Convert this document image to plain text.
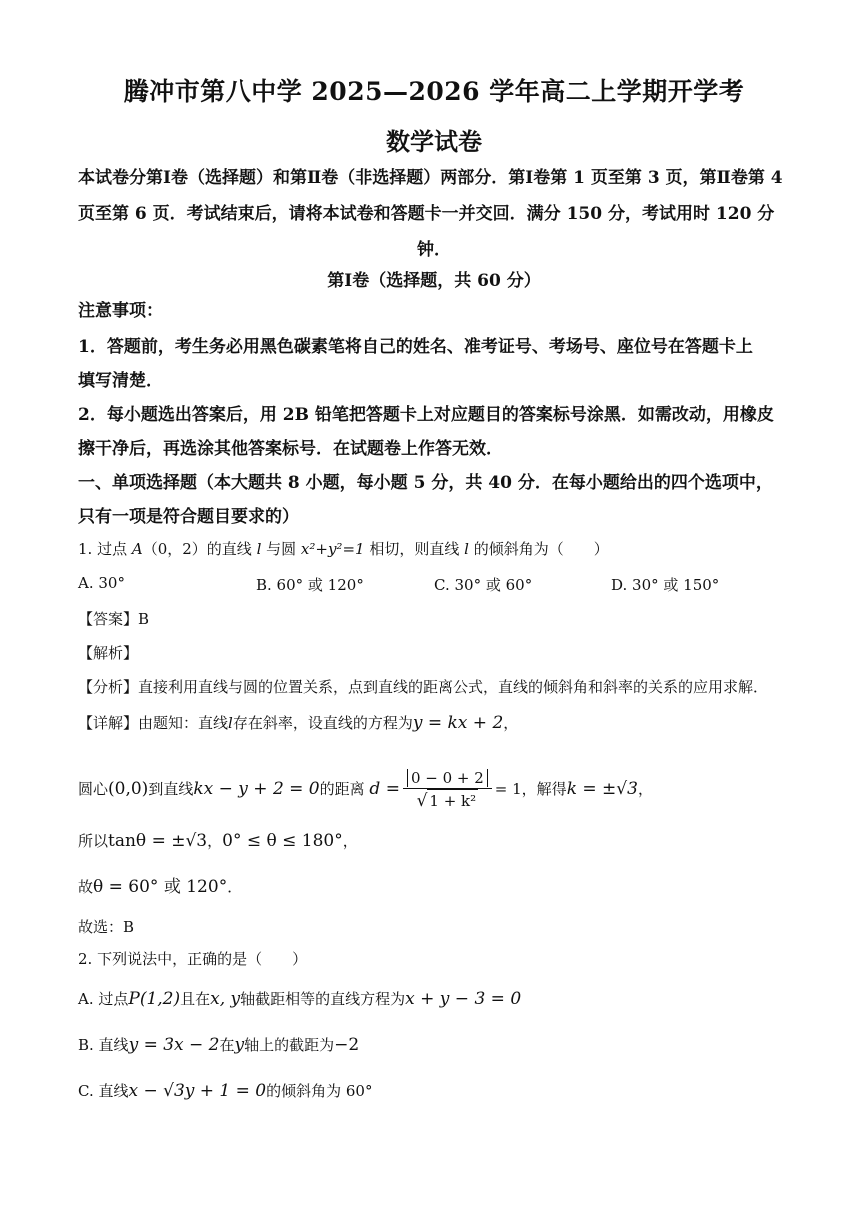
腾冲市第八中学 2025—2026 学年高二上学期开学考
数学试卷
本试卷分第Ⅰ卷（选择题）和第Ⅱ卷（非选择题）两部分．第Ⅰ卷第 1 页至第 3 页，第Ⅱ卷第 4
页至第 6 页．考试结束后，请将本试卷和答题卡一并交回．满分 150 分，考试用时 120 分
钟．
第Ⅰ卷（选择题，共 60 分）
注意事项：
1．答题前，考生务必用黑色碳素笔将自己的姓名、准考证号、考场号、座位号在答题卡上
填写清楚．
2．每小题选出答案后，用 2B 铅笔把答题卡上对应题目的答案标号涂黑．如需改动，用橡皮
擦干净后，再选涂其他答案标号．在试题卷上作答无效．
一、单项选择题（本大题共 8 小题，每小题 5 分，共 40 分．在每小题给出的四个选项中，
只有一项是符合题目要求的）
1. 过点 A（0，2）的直线 l 与圆 x²+y²=1 相切，则直线 l 的倾斜角为（　　）
A. 30°	B. 60° 或 120°	C. 30° 或 60°	D. 30° 或 150°
【答案】B
【解析】
【分析】直接利用直线与圆的位置关系，点到直线的距离公式，直线的倾斜角和斜率的关系的应用求解．
【详解】由题知：直线l存在斜率，设直线的方程为y = kx + 2，
圆心(0,0)到直线kx − y + 2 = 0的距离 $d = \frac{0 - 0 + 2}{\text{√ 1 + k²}} = 1$，解得k = ±√3，
所以tanθ = ±√3，0° ≤ θ ≤ 180°，
故θ = 60° 或 120°．
故选：B
2. 下列说法中，正确的是（　　）
A. 过点P(1,2)且在x, y轴截距相等的直线方程为x + y − 3 = 0
B. 直线y = 3x − 2在y轴上的截距为−2
C. 直线x − √3y + 1 = 0的倾斜角为 60°
